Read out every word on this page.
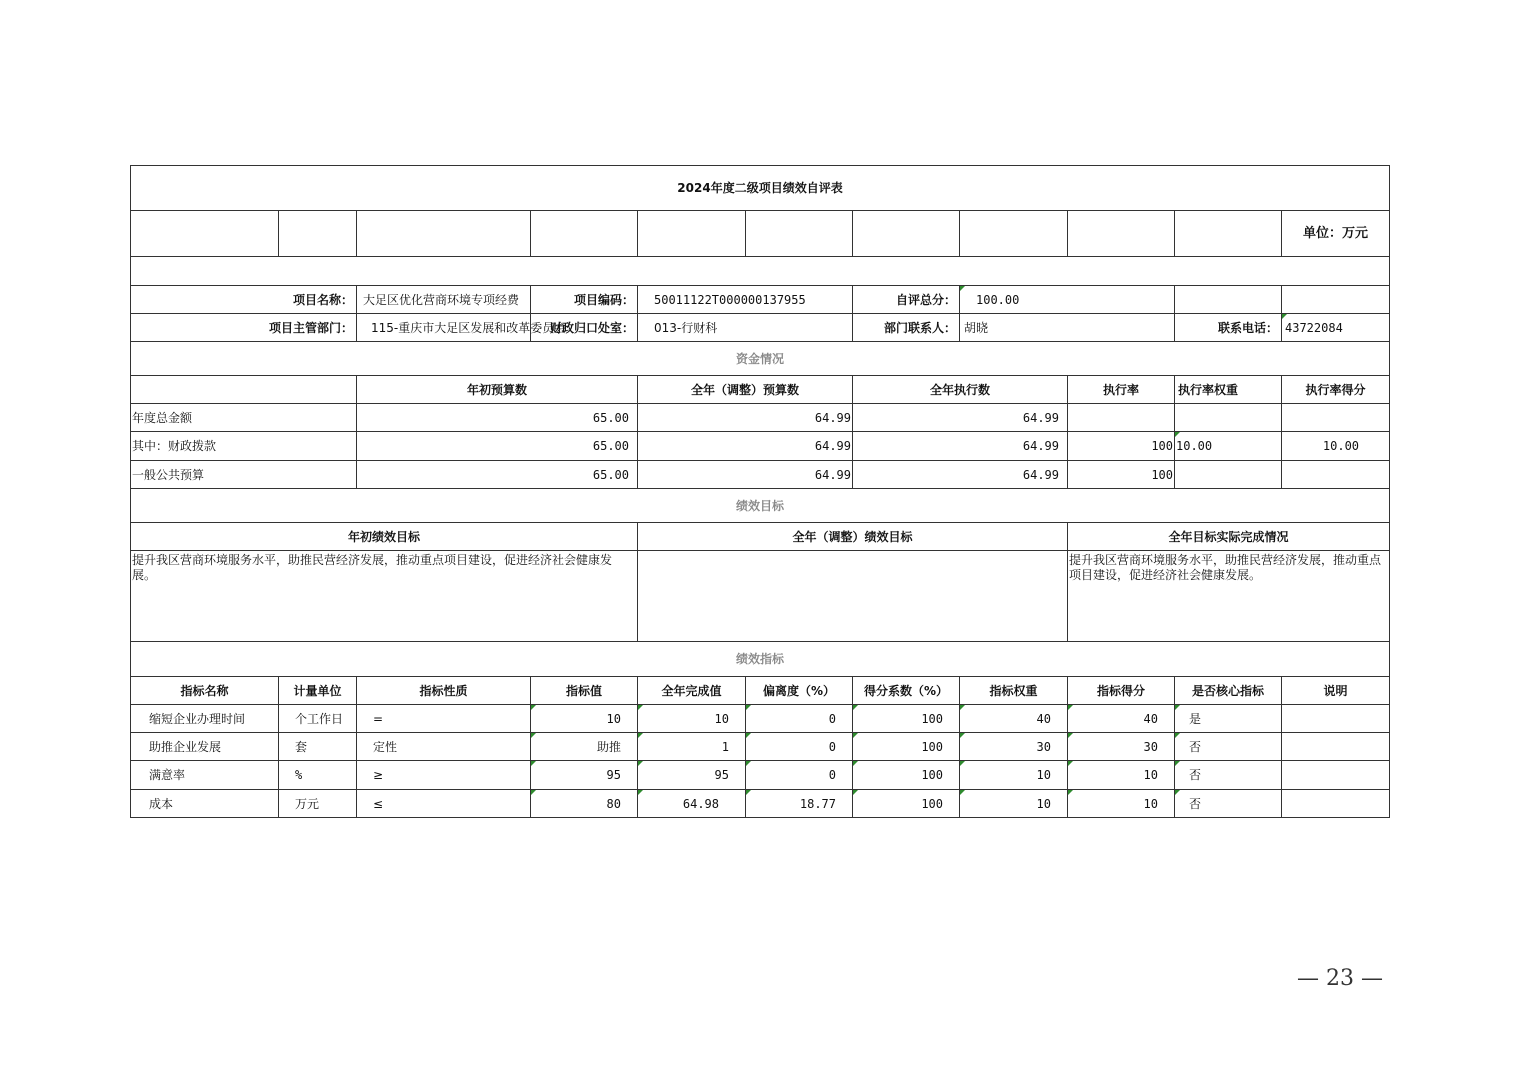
2024年度二级项目绩效自评表										
										单位：万元

项目名称：		大足区优化营商环境专项经费	项目编码：	50011122T000000137955		自评总分：	100.00			
项目主管部门：		115-重庆市大足区发展和改革委员会	财政归口处室：	013-行财科		部门联系人：	胡晓		联系电话：	43722084
资金情况										
		年初预算数		全年（调整）预算数		全年执行数		执行率	执行率权重	执行率得分
年度总金额		65.00		64.99		64.99				
其中：财政拨款		65.00		64.99		64.99		100	10.00	10.00
一般公共预算		65.00		64.99		64.99		100		
绩效目标										
年初绩效目标				全年（调整）绩效目标				全年目标实际完成情况		
提升我区营商环境服务水平，助推民营经济发展，推动重点项目建设，促进经济社会健康发展。								提升我区营商环境服务水平，助推民营经济发展，推动重点项目建设，促进经济社会健康发展。		
绩效指标										
指标名称	计量单位	指标性质	指标值	全年完成值	偏离度（%）	得分系数（%）	指标权重	指标得分	是否核心指标	说明
缩短企业办理时间	个工作日	=	10	10	0	100	40	40	是	
助推企业发展	套	定性	助推	1	0	100	30	30	否	
满意率	%	≥	95	95	0	100	10	10	否	
成本	万元	≤	80	64.98	18.77	100	10	10	否	
— 23 —
